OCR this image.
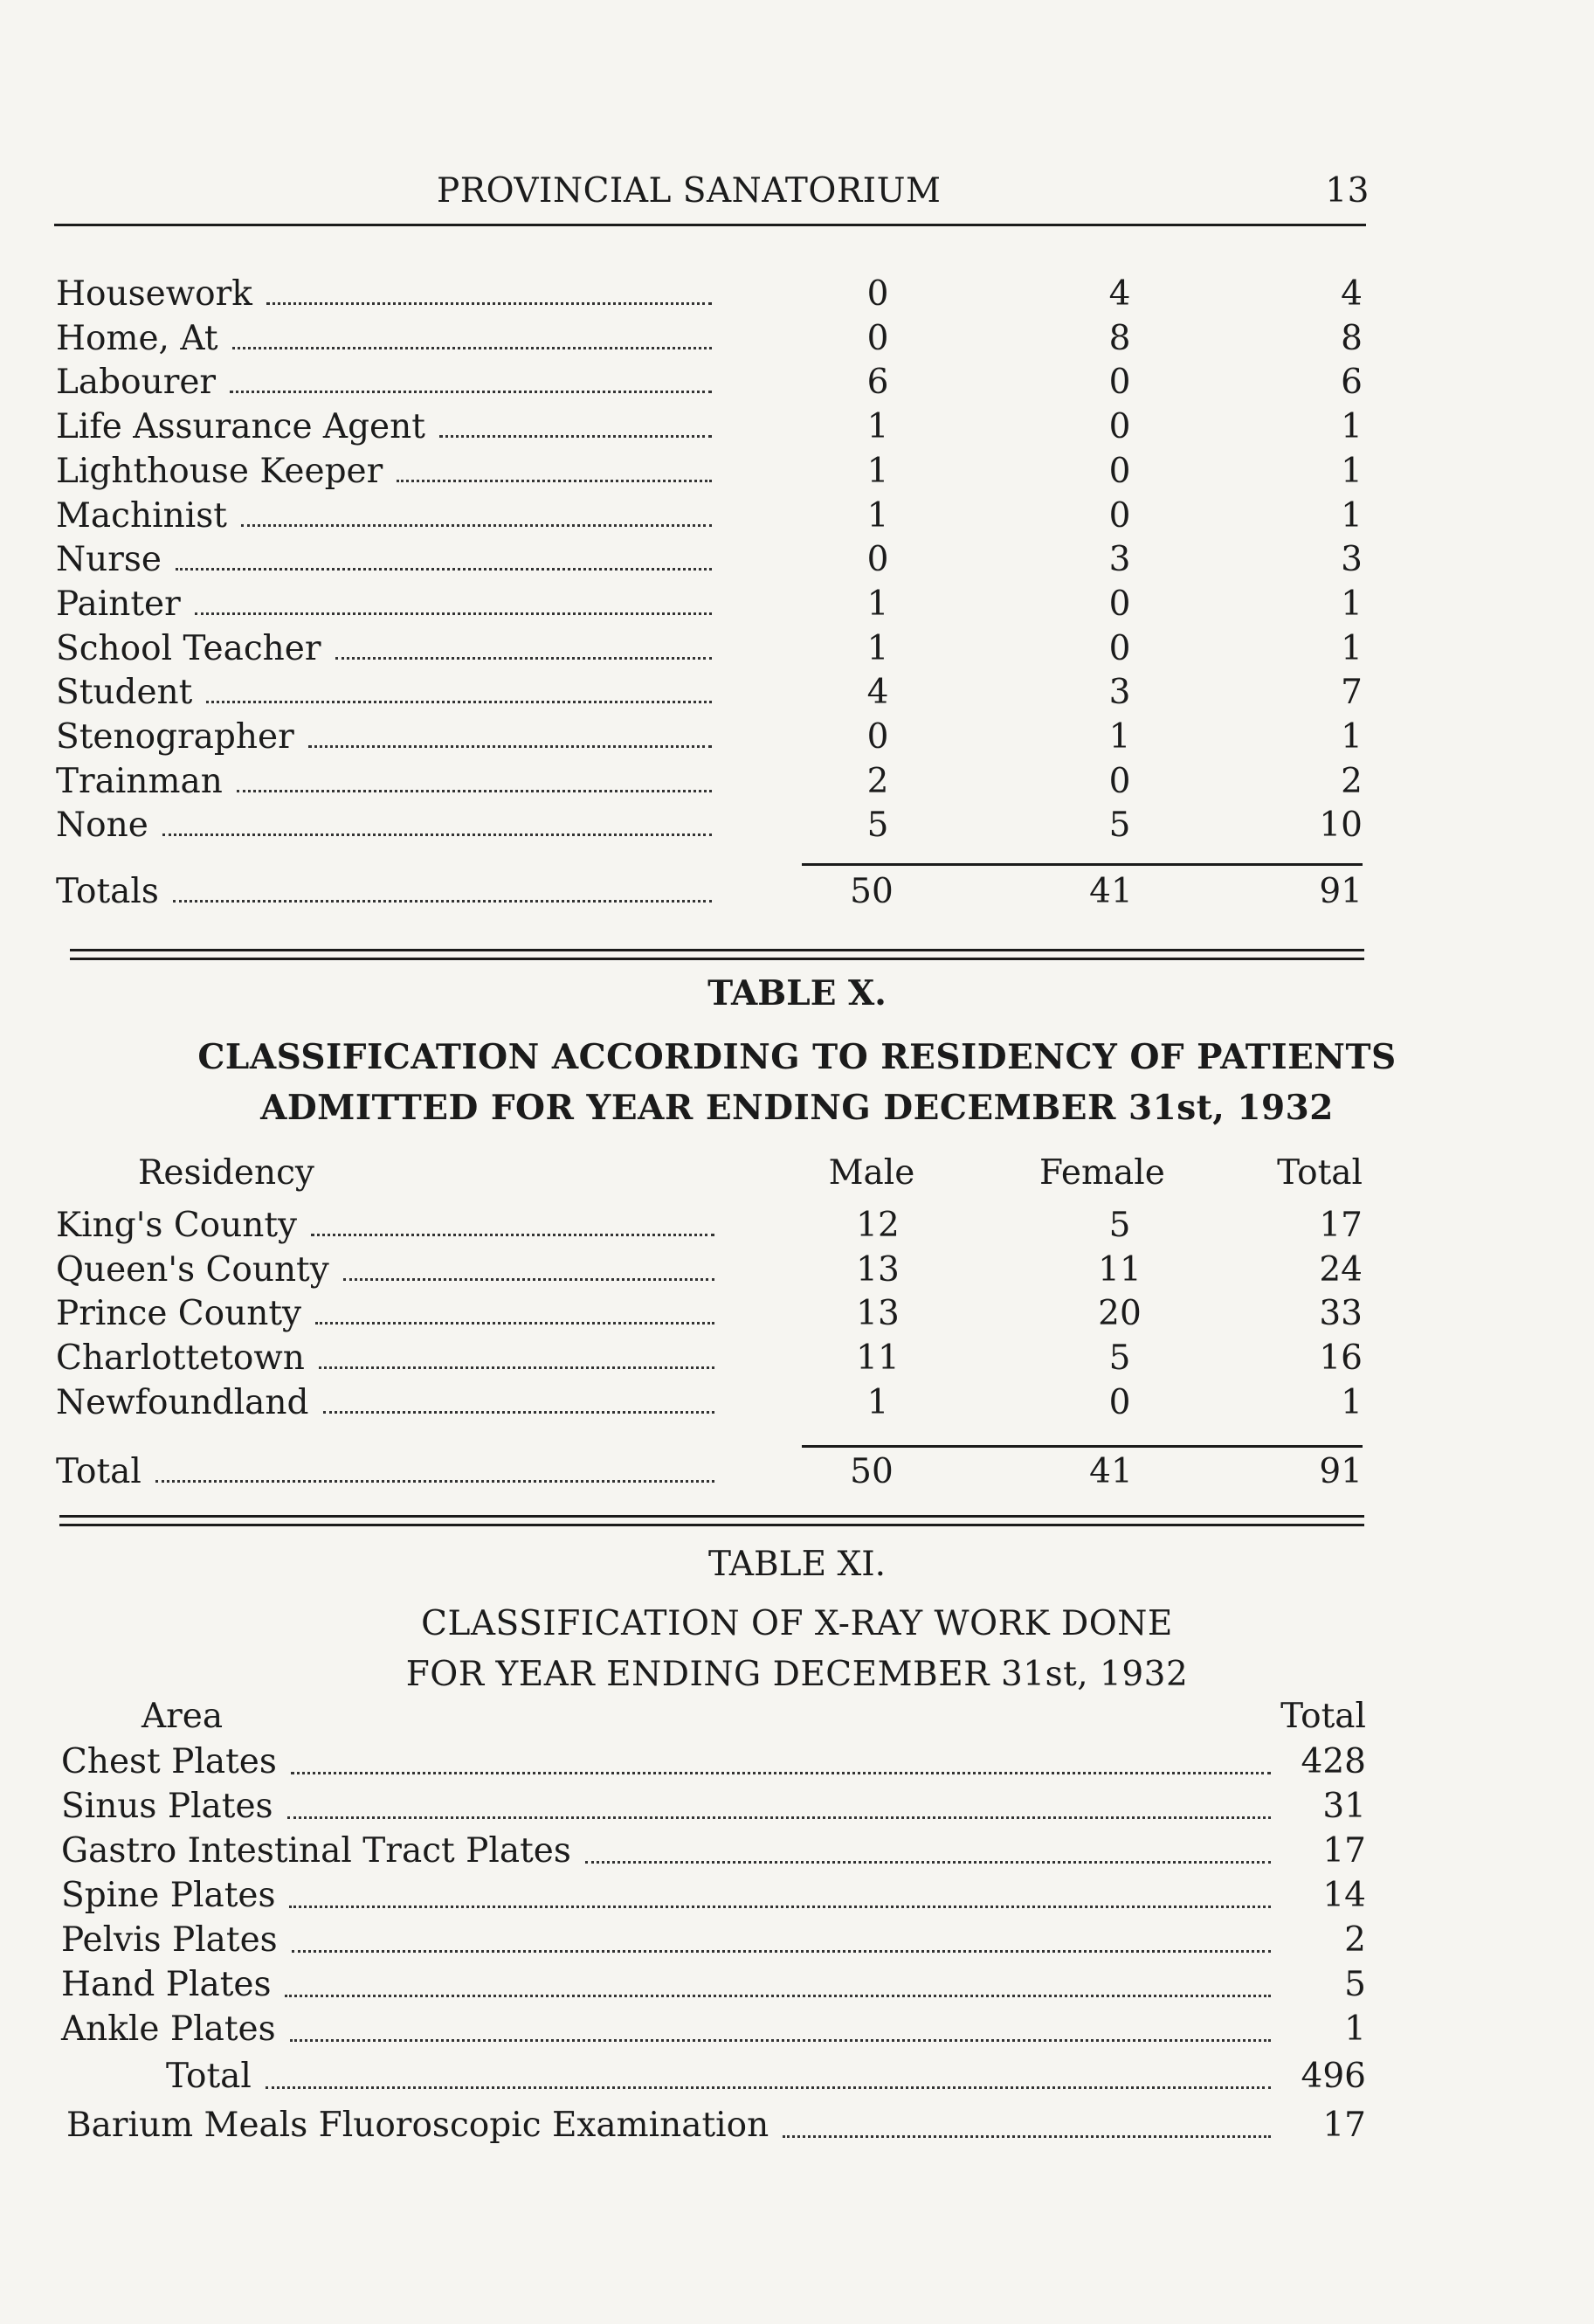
PROVINCIAL SANATORIUM	13
Housework	0	4	4
Home, At	0	8	8
Labourer	6	0	6
Life Assurance Agent	1	0	1
Lighthouse Keeper	1	0	1
Machinist	1	0	1
Nurse	0	3	3
Painter	1	0	1
School Teacher	1	0	1
Student	4	3	7
Stenographer	0	1	1
Trainman	2	0	2
None	5	5	10
Totals	50	41	91
TABLE X.
CLASSIFICATION ACCORDING TO RESIDENCY OF PATIENTS
ADMITTED FOR YEAR ENDING DECEMBER 31st, 1932
Residency	Male	Female	Total
King's County	12	5	17
Queen's County	13	11	24
Prince County	13	20	33
Charlottetown	11	5	16
Newfoundland	1	0	1
Total	50	41	91
TABLE XI.
CLASSIFICATION OF X-RAY WORK DONE
FOR YEAR ENDING DECEMBER 31st, 1932
Area	Total
Chest Plates	428
Sinus Plates	31
Gastro Intestinal Tract Plates	17
Spine Plates	14
Pelvis Plates	2
Hand Plates	5
Ankle Plates	1
Total	496
Barium Meals Fluoroscopic Examination	17
